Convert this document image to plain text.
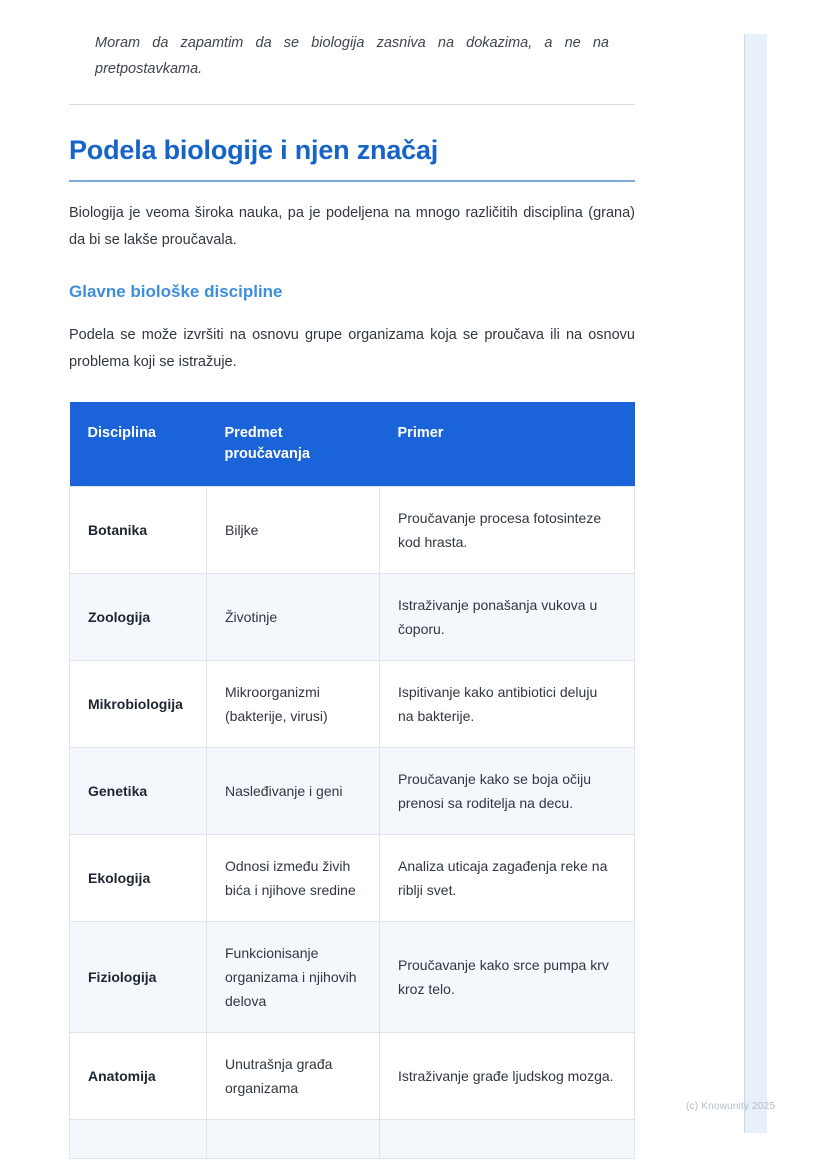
Moram da zapamtim da se biologija zasniva na dokazima, a ne na pretpostavkama.
Podela biologije i njen značaj
Biologija je veoma široka nauka, pa je podeljena na mnogo različitih disciplina (grana) da bi se lakše proučavala.
Glavne biološke discipline
Podela se može izvršiti na osnovu grupe organizama koja se proučava ili na osnovu problema koji se istražuje.
Disciplina	Predmet proučavanja	Primer
Botanika	Biljke	Proučavanje procesa fotosinteze kod hrasta.
Zoologija	Životinje	Istraživanje ponašanja vukova u čoporu.
Mikrobiologija	Mikroorganizmi (bakterije, virusi)	Ispitivanje kako antibiotici deluju na bakterije.
Genetika	Nasleđivanje i geni	Proučavanje kako se boja očiju prenosi sa roditelja na decu.
Ekologija	Odnosi između živih bića i njihove sredine	Analiza uticaja zagađenja reke na riblji svet.
Fiziologija	Funkcionisanje organizama i njihovih delova	Proučavanje kako srce pumpa krv kroz telo.
Anatomija	Unutrašnja građa organizama	Istraživanje građe ljudskog mozga.

(c) Knowunity 2025
